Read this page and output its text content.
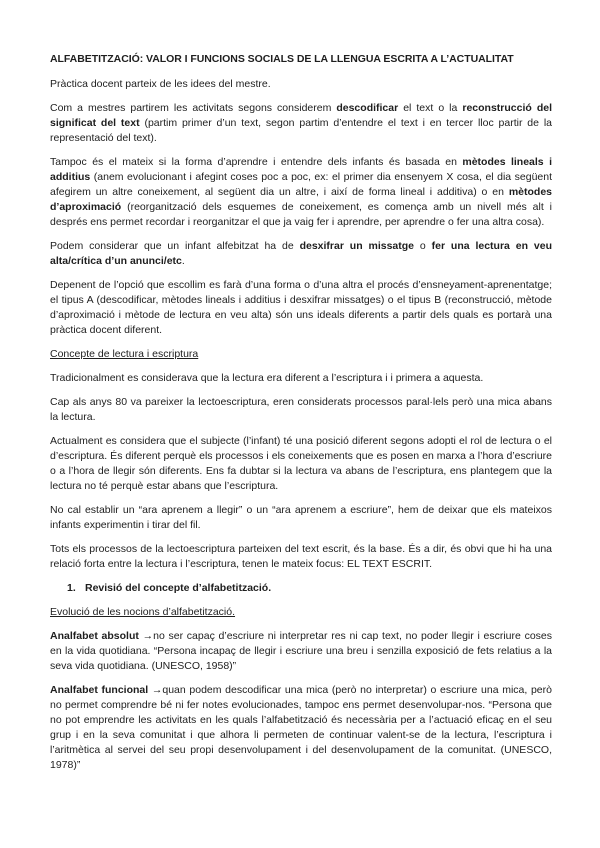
ALFABETITZACIÓ: VALOR I FUNCIONS SOCIALS DE LA LLENGUA ESCRITA A L’ACTUALITAT

Pràctica docent parteix de les idees del mestre.

Com a mestres partirem les activitats segons considerem descodificar el text o la reconstrucció del significat del text (partim primer d’un text, segon partim d’entendre el text i en tercer lloc partir de la representació del text).

Tampoc és el mateix si la forma d’aprendre i entendre dels infants és basada en mètodes lineals i additius (anem evolucionant i afegint coses poc a poc, ex: el primer dia ensenyem X cosa, el dia següent afegirem un altre coneixement, al següent dia un altre, i així de forma lineal i additiva) o en mètodes d’aproximació (reorganització dels esquemes de coneixement, es comença amb un nivell més alt i després ens permet recordar i reorganitzar el que ja vaig fer i aprendre, per aprendre o fer una altra cosa).

Podem considerar que un infant alfebitzat ha de desxifrar un missatge o fer una lectura en veu alta/crítica d’un anunci/etc.

Depenent de l’opció que escollim es farà d’una forma o d’una altra el procés d’ensneyament-aprenentatge; el tipus A (descodificar, mètodes lineals i additius i desxifrar missatges) o el tipus B (reconstrucció, mètode d’aproximació i mètode de lectura en veu alta) són uns ideals diferents a partir dels quals es portarà una pràctica docent diferent.

Concepte de lectura i escriptura

Tradicionalment es considerava que la lectura era diferent a l’escriptura i i primera a aquesta.

Cap als anys 80 va pareixer la lectoescriptura, eren considerats processos paral·lels però una mica abans la lectura.

Actualment es considera que el subjecte (l’infant) té una posició diferent segons adopti el rol de lectura o el d’escriptura. És diferent perquè els processos i els coneixements que es posen en marxa a l’hora d’escriure o a l’hora de llegir són diferents. Ens fa dubtar si la lectura va abans de l’escriptura, ens plantegem que la lectura no té perquè estar abans que l’escriptura.

No cal establir un “ara aprenem a llegir” o un “ara aprenem a escriure”, hem de deixar que els mateixos infants experimentin i tirar del fil.

Tots els processos de la lectoescriptura parteixen del text escrit, és la base. És a dir, és obvi que hi ha una relació forta entre la lectura i l’escriptura, tenen le mateix focus: EL TEXT ESCRIT.

1. Revisió del concepte d’alfabetització.

Evolució de les nocions d’alfabetització.

Analfabet absolut →no ser capaç d’escriure ni interpretar res ni cap text, no poder llegir i escriure coses en la vida quotidiana. “Persona incapaç de llegir i escriure una breu i senzilla exposició de fets relatius a la seva vida quotidiana. (UNESCO, 1958)”

Analfabet funcional →quan podem descodificar una mica (però no interpretar) o escriure una mica, però no permet comprendre bé ni fer notes evolucionades, tampoc ens permet desenvolupar-nos. “Persona que no pot emprendre les activitats en les quals l’alfabetització és necessària per a l’actuació eficaç en el seu grup i en la seva comunitat i que alhora li permeten de continuar valent-se de la lectura, l’escriptura i l’aritmètica al servei del seu propi desenvolupament i del desenvolupament de la comunitat. (UNESCO, 1978)”
